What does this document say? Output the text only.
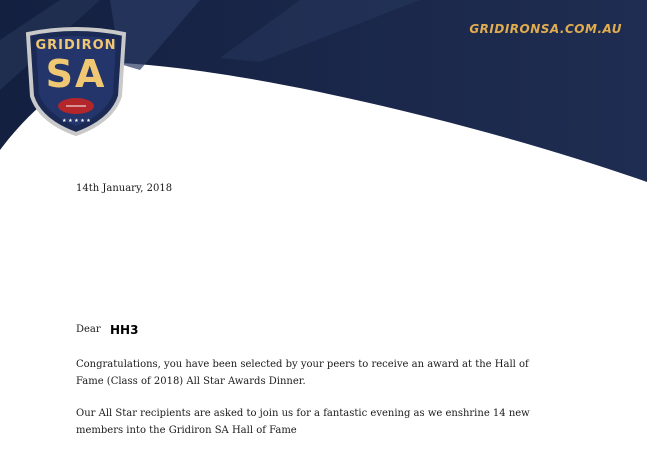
GRIDIRONSA.COM.AU
★ ★ ★ ★ ★
GRIDIRON
SA
14th January, 2018
Dear HH3
Congratulations, you have been selected by your peers to receive an award at the Hall of Fame (Class of 2018) All Star Awards Dinner.
Our All Star recipients are asked to join us for a fantastic evening as we enshrine 14 new members into the Gridiron SA Hall of Fame
